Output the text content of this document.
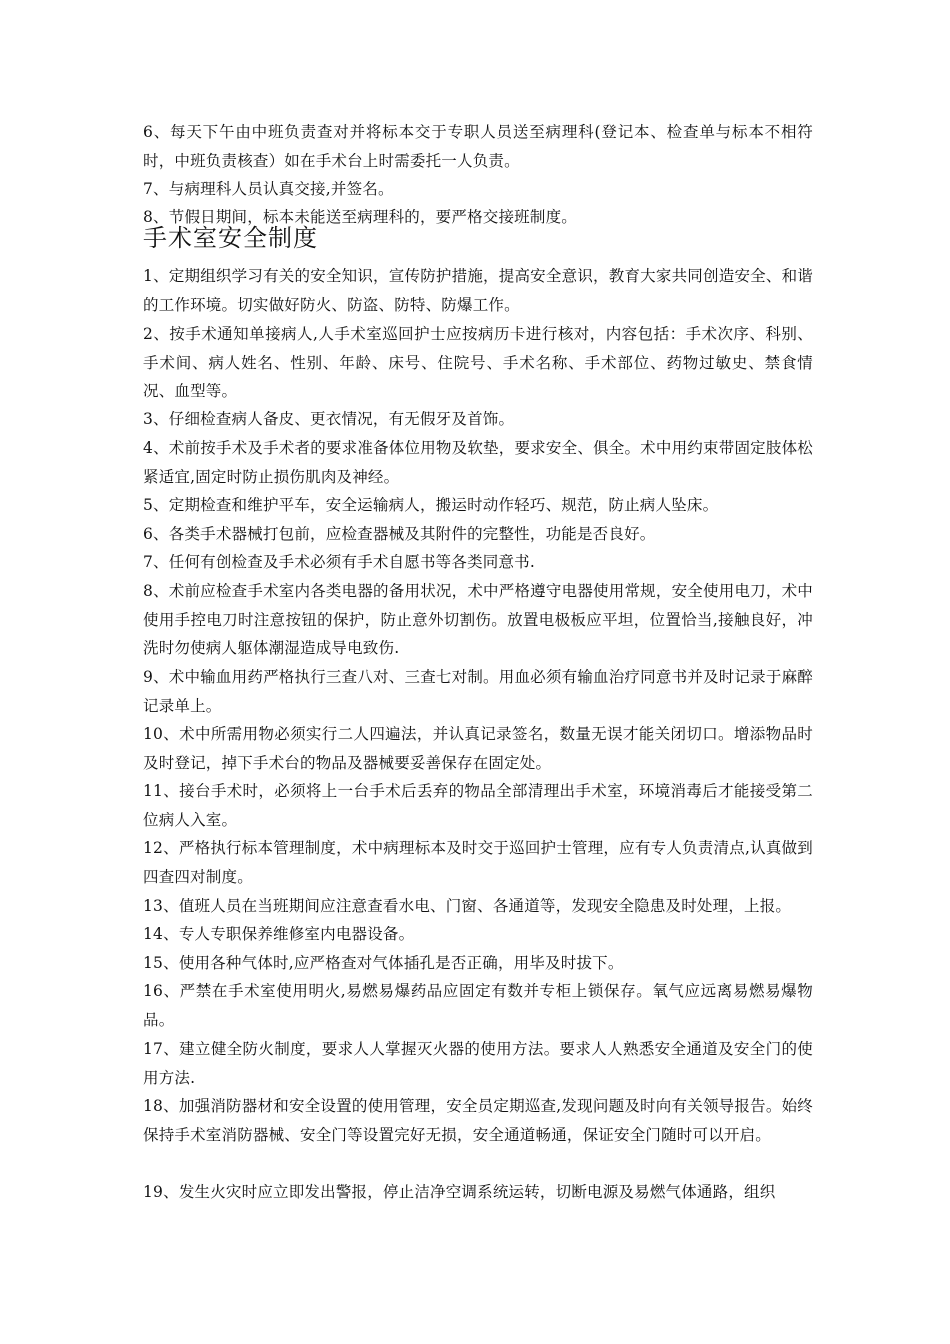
6、每天下午由中班负责查对并将标本交于专职人员送至病理科(登记本、检查单与标本不相符时，中班负责核查）如在手术台上时需委托一人负责。

7、与病理科人员认真交接,并签名。

8、节假日期间，标本未能送至病理科的，要严格交接班制度。

手术室安全制度

1、定期组织学习有关的安全知识，宣传防护措施，提高安全意识，教育大家共同创造安全、和谐的工作环境。切实做好防火、防盗、防特、防爆工作。

2、按手术通知单接病人,人手术室巡回护士应按病历卡进行核对，内容包括：手术次序、科别、手术间、病人姓名、性别、年龄、床号、住院号、手术名称、手术部位、药物过敏史、禁食情况、血型等。

3、仔细检查病人备皮、更衣情况，有无假牙及首饰。

4、术前按手术及手术者的要求准备体位用物及软垫，要求安全、俱全。术中用约束带固定肢体松紧适宜,固定时防止损伤肌肉及神经。

5、定期检查和维护平车，安全运输病人，搬运时动作轻巧、规范，防止病人坠床。

6、各类手术器械打包前，应检查器械及其附件的完整性，功能是否良好。

7、任何有创检查及手术必须有手术自愿书等各类同意书.

8、术前应检查手术室内各类电器的备用状况，术中严格遵守电器使用常规，安全使用电刀，术中使用手控电刀时注意按钮的保护，防止意外切割伤。放置电极板应平坦，位置恰当,接触良好，冲洗时勿使病人躯体潮湿造成导电致伤.

9、术中输血用药严格执行三查八对、三查七对制。用血必须有输血治疗同意书并及时记录于麻醉记录单上。

10、术中所需用物必须实行二人四遍法，并认真记录签名，数量无误才能关闭切口。增添物品时及时登记，掉下手术台的物品及器械要妥善保存在固定处。

11、接台手术时，必须将上一台手术后丢弃的物品全部清理出手术室，环境消毒后才能接受第二位病人入室。

12、严格执行标本管理制度，术中病理标本及时交于巡回护士管理，应有专人负责清点,认真做到四查四对制度。

13、值班人员在当班期间应注意查看水电、门窗、各通道等，发现安全隐患及时处理，上报。

14、专人专职保养维修室内电器设备。

15、使用各种气体时,应严格查对气体插孔是否正确，用毕及时拔下。

16、严禁在手术室使用明火,易燃易爆药品应固定有数并专柜上锁保存。氧气应远离易燃易爆物品。

17、建立健全防火制度，要求人人掌握灭火器的使用方法。要求人人熟悉安全通道及安全门的使用方法.

18、加强消防器材和安全设置的使用管理，安全员定期巡查,发现问题及时向有关领导报告。始终保持手术室消防器械、安全门等设置完好无损，安全通道畅通，保证安全门随时可以开启。

19、发生火灾时应立即发出警报，停止洁净空调系统运转，切断电源及易燃气体通路，组织
